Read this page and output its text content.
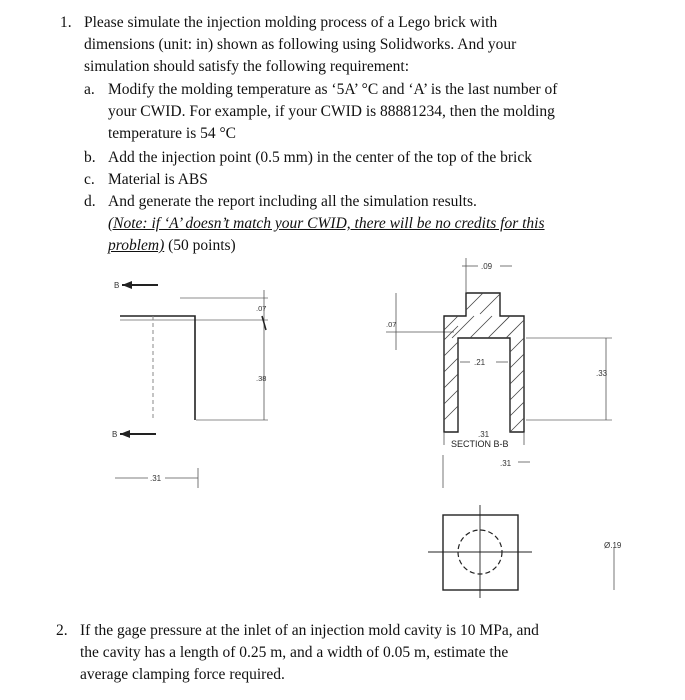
1. Please simulate the injection molding process of a Lego brick with
dimensions (unit: in) shown as following using Solidworks. And your
simulation should satisfy the following requirement:
a. Modify the molding temperature as ‘5A’ °C and ‘A’ is the last number of
your CWID. For example, if your CWID is 88881234, then the molding
temperature is 54 °C
b. Add the injection point (0.5 mm) in the center of the top of the brick
c. Material is ABS
d. And generate the report including all the simulation results.
(Note: if ‘A’ doesn’t match your CWID, there will be no credits for this
problem) (50 points)
B
B
.07
.38
.31
.09
.07
.21
.33
.31
SECTION B-B
.31
Ø.19
2. If the gage pressure at the inlet of an injection mold cavity is 10 MPa, and
the cavity has a length of 0.25 m, and a width of 0.05 m, estimate the
average clamping force required.
